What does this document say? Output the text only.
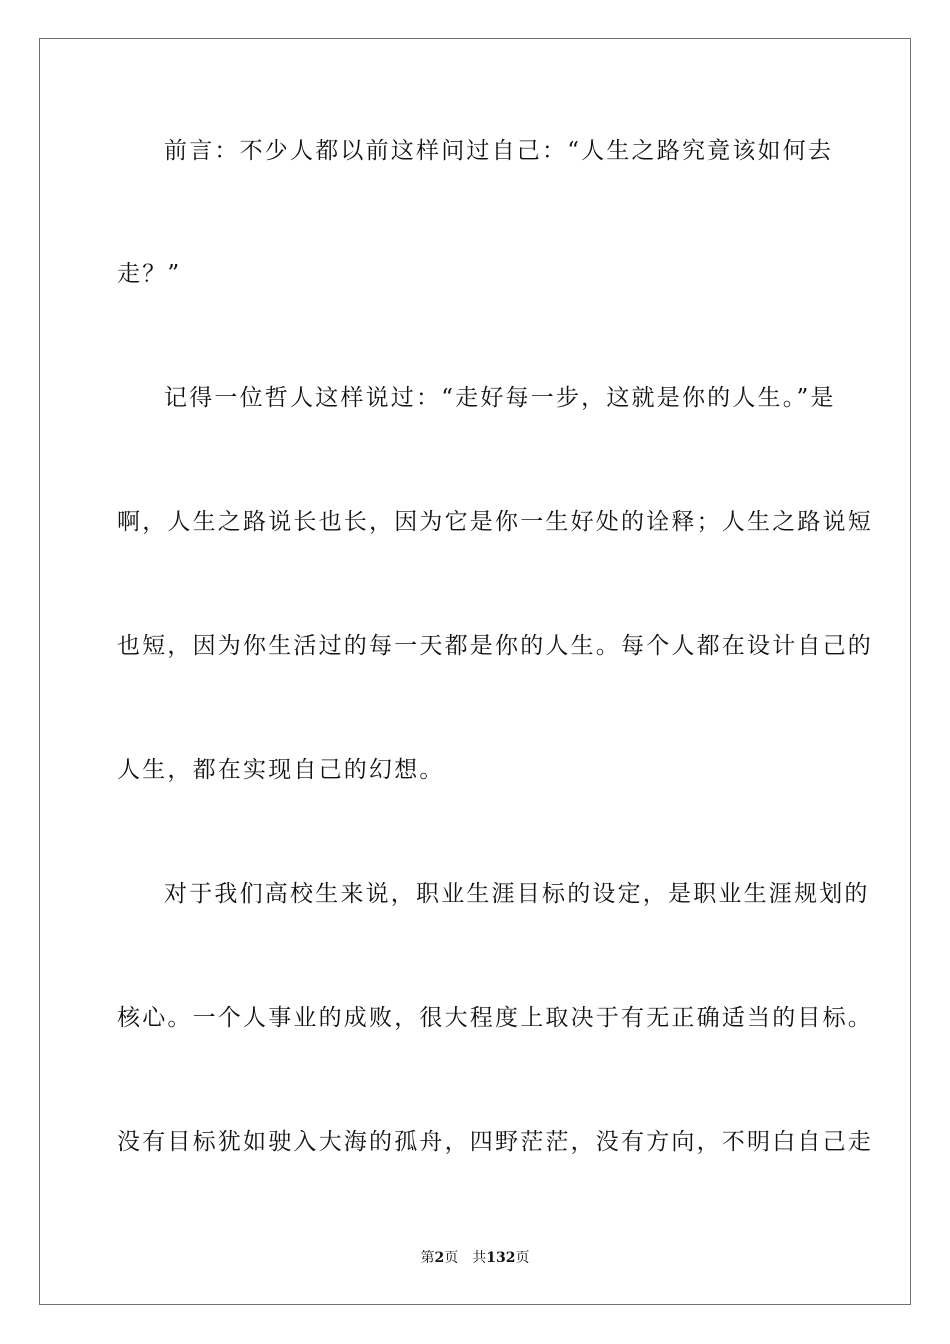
前言：不少人都以前这样问过自己：“人生之路究竟该如何去
走？”
记得一位哲人这样说过：“走好每一步，这就是你的人生。”是
啊，人生之路说长也长，因为它是你一生好处的诠释；人生之路说短
也短，因为你生活过的每一天都是你的人生。每个人都在设计自己的
人生，都在实现自己的幻想。
对于我们高校生来说，职业生涯目标的设定，是职业生涯规划的
核心。一个人事业的成败，很大程度上取决于有无正确适当的目标。
没有目标犹如驶入大海的孤舟，四野茫茫，没有方向，不明白自己走
第2页 共132页
